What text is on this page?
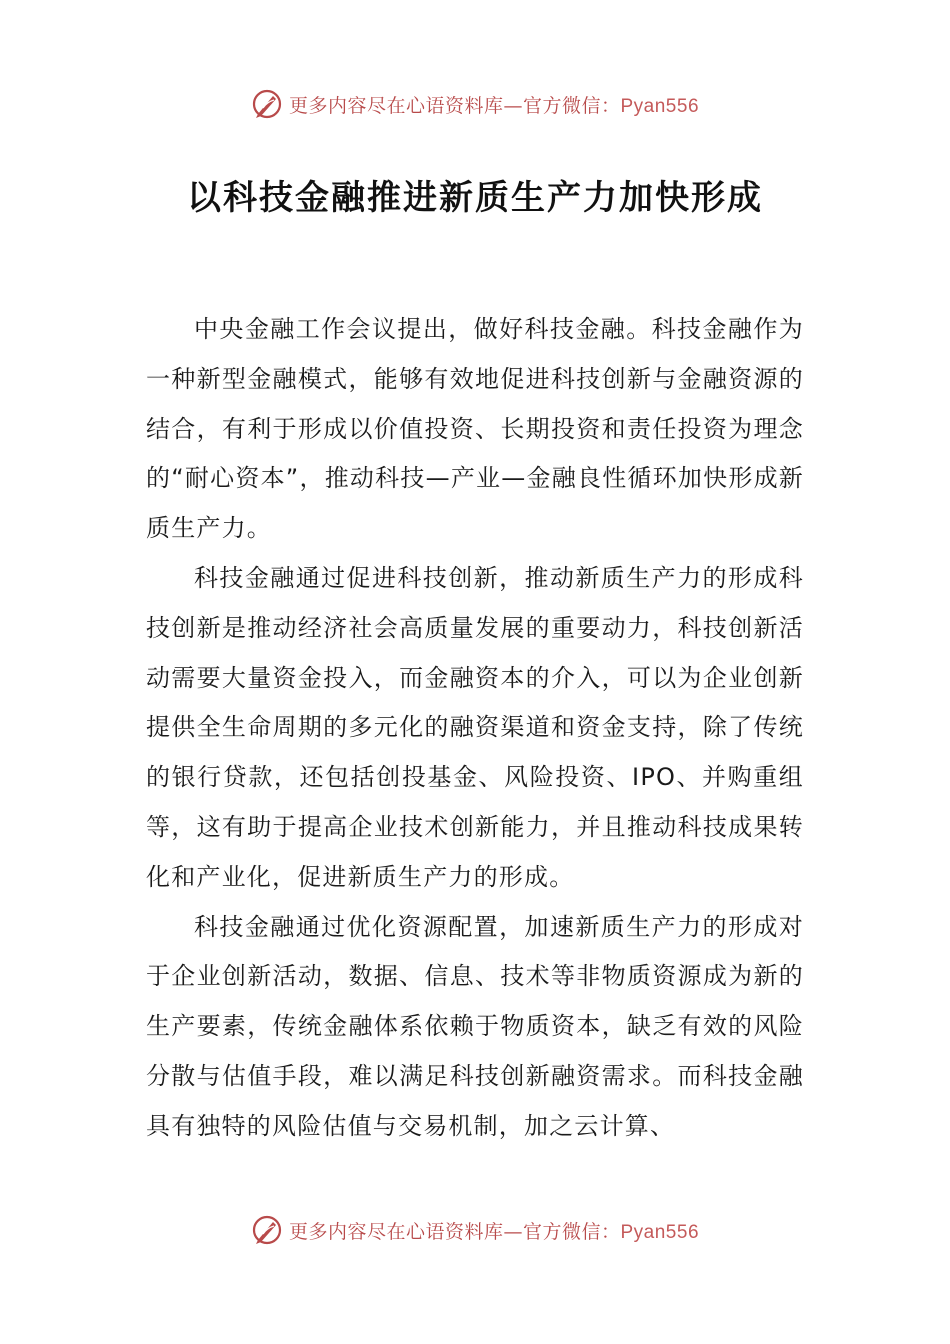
更多内容尽在心语资料库—官方微信：Pyan556
以科技金融推进新质生产力加快形成

中央金融工作会议提出，做好科技金融。科技金融作为一种新型金融模式，能够有效地促进科技创新与金融资源的结合，有利于形成以价值投资、长期投资和责任投资为理念的“耐心资本”，推动科技—产业—金融良性循环加快形成新质生产力。

科技金融通过促进科技创新，推动新质生产力的形成科技创新是推动经济社会高质量发展的重要动力，科技创新活动需要大量资金投入，而金融资本的介入，可以为企业创新提供全生命周期的多元化的融资渠道和资金支持，除了传统的银行贷款，还包括创投基金、风险投资、IPO、并购重组等，这有助于提高企业技术创新能力，并且推动科技成果转化和产业化，促进新质生产力的形成。

科技金融通过优化资源配置，加速新质生产力的形成对于企业创新活动，数据、信息、技术等非物质资源成为新的生产要素，传统金融体系依赖于物质资本，缺乏有效的风险分散与估值手段，难以满足科技创新融资需求。而科技金融具有独特的风险估值与交易机制，加之云计算、

更多内容尽在心语资料库—官方微信：Pyan556
